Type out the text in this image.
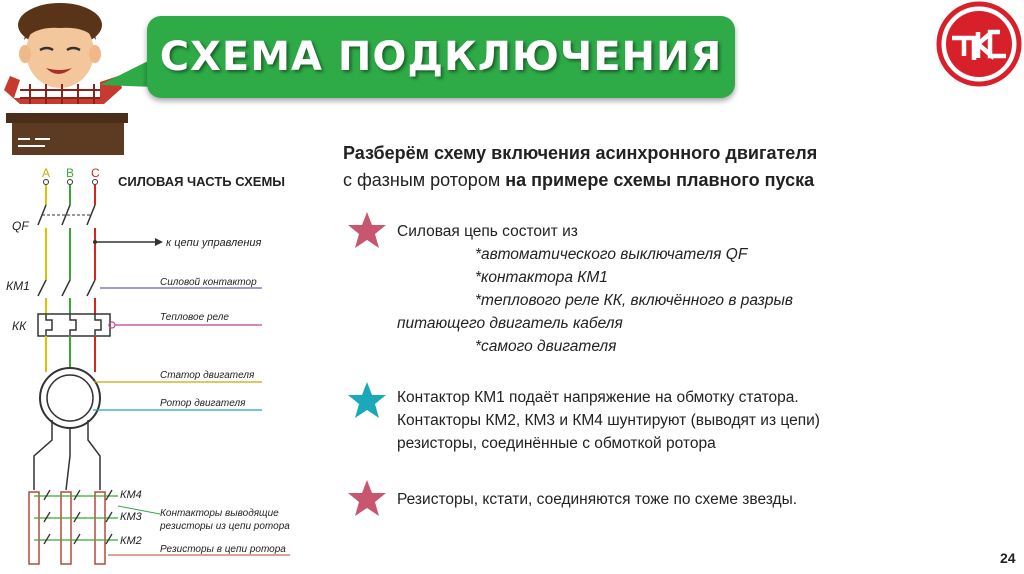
СХЕМА ПОДКЛЮЧЕНИЯ
СИЛОВАЯ ЧАСТЬ СХЕМЫ
A B C
QF
к цепи управления
КМ1	Силовой контактор
КК
Тепловое реле
Статор двигателя
Ротор двигателя
КМ4
КМ3
КМ2
Контакторы выводящие
резисторы из цепи ротора
Резисторы в цепи ротора
Разберём схему включения асинхронного двигателя
с фазным ротором на примере схемы плавного пуска
Силовая цепь состоит из
*автоматического выключателя QF
*контактора КМ1
*теплового реле КК, включённого в разрыв
питающего двигатель кабеля
*самого двигателя
Контактор КМ1 подаёт напряжение на обмотку статора.
Контакторы КМ2, КМ3 и КМ4 шунтируют (выводят из цепи)
резисторы, соединённые с обмоткой ротора
Резисторы, кстати, соединяются тоже по схеме звезды.
24
